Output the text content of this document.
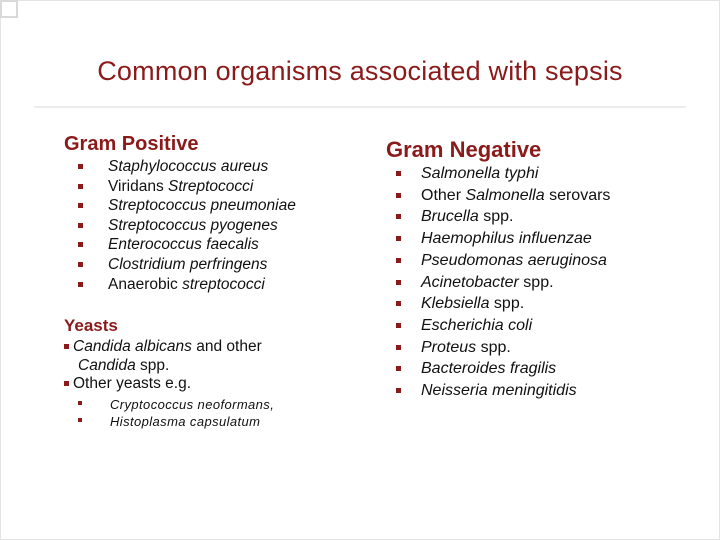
Common organisms associated with sepsis
Gram Positive
Staphylococcus aureus
Viridans Streptococci
Streptococcus pneumoniae
Streptococcus pyogenes
Enterococcus faecalis
Clostridium perfringens
Anaerobic streptococci
Yeasts
Candida albicans and other
Candida spp.
Other yeasts e.g.
Cryptococcus neoformans,
Histoplasma capsulatum
Gram Negative
Salmonella typhi
Other Salmonella serovars
Brucella spp.
Haemophilus influenzae
Pseudomonas aeruginosa
Acinetobacter spp.
Klebsiella spp.
Escherichia coli
Proteus spp.
Bacteroides fragilis
Neisseria meningitidis
